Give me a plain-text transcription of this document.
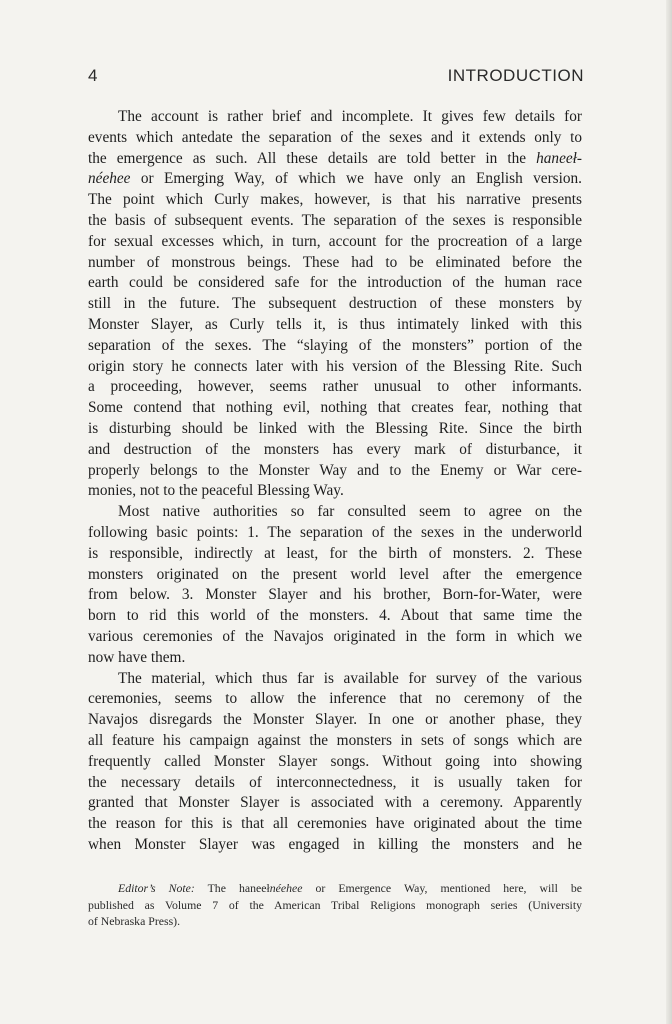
4	INTRODUCTION
The account is rather brief and incomplete. It gives few details for
events which antedate the separation of the sexes and it extends only to
the emergence as such. All these details are told better in the haneeł-
néehee or Emerging Way, of which we have only an English version.
The point which Curly makes, however, is that his narrative presents
the basis of subsequent events. The separation of the sexes is responsible
for sexual excesses which, in turn, account for the procreation of a large
number of monstrous beings. These had to be eliminated before the
earth could be considered safe for the introduction of the human race
still in the future. The subsequent destruction of these monsters by
Monster Slayer, as Curly tells it, is thus intimately linked with this
separation of the sexes. The “slaying of the monsters” portion of the
origin story he connects later with his version of the Blessing Rite. Such
a proceeding, however, seems rather unusual to other informants.
Some contend that nothing evil, nothing that creates fear, nothing that
is disturbing should be linked with the Blessing Rite. Since the birth
and destruction of the monsters has every mark of disturbance, it
properly belongs to the Monster Way and to the Enemy or War cere-
monies, not to the peaceful Blessing Way.
Most native authorities so far consulted seem to agree on the
following basic points: 1. The separation of the sexes in the underworld
is responsible, indirectly at least, for the birth of monsters. 2. These
monsters originated on the present world level after the emergence
from below. 3. Monster Slayer and his brother, Born-for-Water, were
born to rid this world of the monsters. 4. About that same time the
various ceremonies of the Navajos originated in the form in which we
now have them.
The material, which thus far is available for survey of the various
ceremonies, seems to allow the inference that no ceremony of the
Navajos disregards the Monster Slayer. In one or another phase, they
all feature his campaign against the monsters in sets of songs which are
frequently called Monster Slayer songs. Without going into showing
the necessary details of interconnectedness, it is usually taken for
granted that Monster Slayer is associated with a ceremony. Apparently
the reason for this is that all ceremonies have originated about the time
when Monster Slayer was engaged in killing the monsters and he
Editor’s Note: The haneełnéehee or Emergence Way, mentioned here, will be
published as Volume 7 of the American Tribal Religions monograph series (University
of Nebraska Press).
